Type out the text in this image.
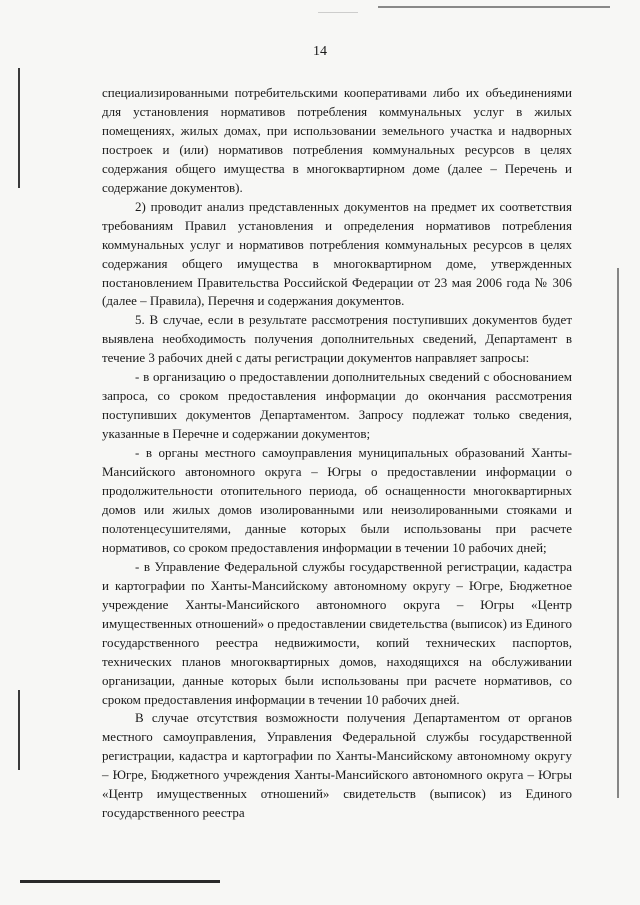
14

специализированными потребительскими кооперативами либо их объединениями для установления нормативов потребления коммунальных услуг в жилых помещениях, жилых домах, при использовании земельного участка и надворных построек и (или) нормативов потребления коммунальных ресурсов в целях содержания общего имущества в многоквартирном доме (далее – Перечень и содержание документов).

2) проводит анализ представленных документов на предмет их соответствия требованиям Правил установления и определения нормативов потребления коммунальных услуг и нормативов потребления коммунальных ресурсов в целях содержания общего имущества в многоквартирном доме, утвержденных постановлением Правительства Российской Федерации от 23 мая 2006 года № 306 (далее – Правила), Перечня и содержания документов.

5. В случае, если в результате рассмотрения поступивших документов будет выявлена необходимость получения дополнительных сведений, Департамент в течение 3 рабочих дней с даты регистрации документов направляет запросы:

- в организацию о предоставлении дополнительных сведений с обоснованием запроса, со сроком предоставления информации до окончания рассмотрения поступивших документов Департаментом. Запросу подлежат только сведения, указанные в Перечне и содержании документов;

- в органы местного самоуправления муниципальных образований Ханты-Мансийского автономного округа – Югры о предоставлении информации о продолжительности отопительного периода, об оснащенности многоквартирных домов или жилых домов изолированными или неизолированными стояками и полотенцесушителями, данные которых были использованы при расчете нормативов, со сроком предоставления информации в течении 10 рабочих дней;

- в Управление Федеральной службы государственной регистрации, кадастра и картографии по Ханты-Мансийскому автономному округу – Югре, Бюджетное учреждение Ханты-Мансийского автономного округа – Югры «Центр имущественных отношений» о предоставлении свидетельства (выписок) из Единого государственного реестра недвижимости, копий технических паспортов, технических планов многоквартирных домов, находящихся на обслуживании организации, данные которых были использованы при расчете нормативов, со сроком предоставления информации в течении 10 рабочих дней.

В случае отсутствия возможности получения Департаментом от органов местного самоуправления, Управления Федеральной службы государственной регистрации, кадастра и картографии по Ханты-Мансийскому автономному округу – Югре, Бюджетного учреждения Ханты-Мансийского автономного округа – Югры «Центр имущественных отношений» свидетельств (выписок) из Единого государственного реестра
